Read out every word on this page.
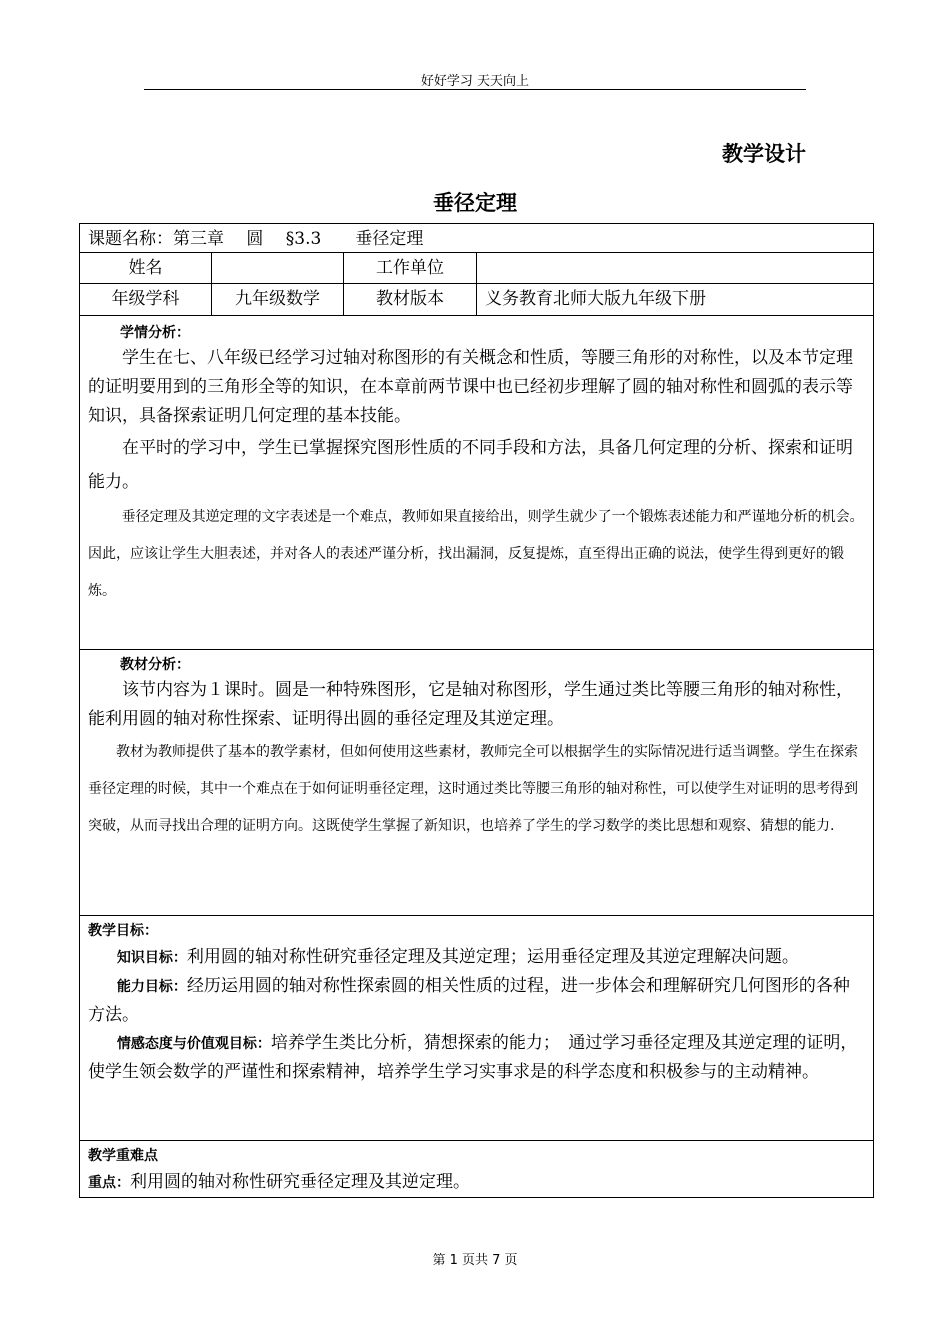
好好学习 天天向上
教学设计
垂径定理
课题名称：第三章　 圆　 §3.3　　垂径定理			
姓名		工作单位	
年级学科	九年级数学	教材版本	义务教育北师大版九年级下册

学情分析：

学生在七、八年级已经学习过轴对称图形的有关概念和性质，等腰三角形的对称性，以及本节定理的证明要用到的三角形全等的知识，在本章前两节课中也已经初步理解了圆的轴对称性和圆弧的表示等知识，具备探索证明几何定理的基本技能。

在平时的学习中，学生已掌握探究图形性质的不同手段和方法，具备几何定理的分析、探索和证明能力。

垂径定理及其逆定理的文字表述是一个难点，教师如果直接给出，则学生就少了一个锻炼表述能力和严谨地分析的机会。因此，应该让学生大胆表述，并对各人的表述严谨分析，找出漏洞，反复提炼，直至得出正确的说法，使学生得到更好的锻炼。			

教材分析：

该节内容为１课时。圆是一种特殊图形，它是轴对称图形，学生通过类比等腰三角形的轴对称性，能利用圆的轴对称性探索、证明得出圆的垂径定理及其逆定理。

教材为教师提供了基本的教学素材，但如何使用这些素材，教师完全可以根据学生的实际情况进行适当调整。学生在探索垂径定理的时候，其中一个难点在于如何证明垂径定理，这时通过类比等腰三角形的轴对称性，可以使学生对证明的思考得到突破，从而寻找出合理的证明方向。这既使学生掌握了新知识，也培养了学生的学习数学的类比思想和观察、猜想的能力.			

教学目标：

知识目标：利用圆的轴对称性研究垂径定理及其逆定理；运用垂径定理及其逆定理解决问题。

能力目标：经历运用圆的轴对称性探索圆的相关性质的过程，进一步体会和理解研究几何图形的各种方法。

情感态度与价值观目标：培养学生类比分析，猜想探索的能力；　通过学习垂径定理及其逆定理的证明，使学生领会数学的严谨性和探索精神，培养学生学习实事求是的科学态度和积极参与的主动精神。			

教学重难点
重点：利用圆的轴对称性研究垂径定理及其逆定理。			
第 1 页共 7 页
